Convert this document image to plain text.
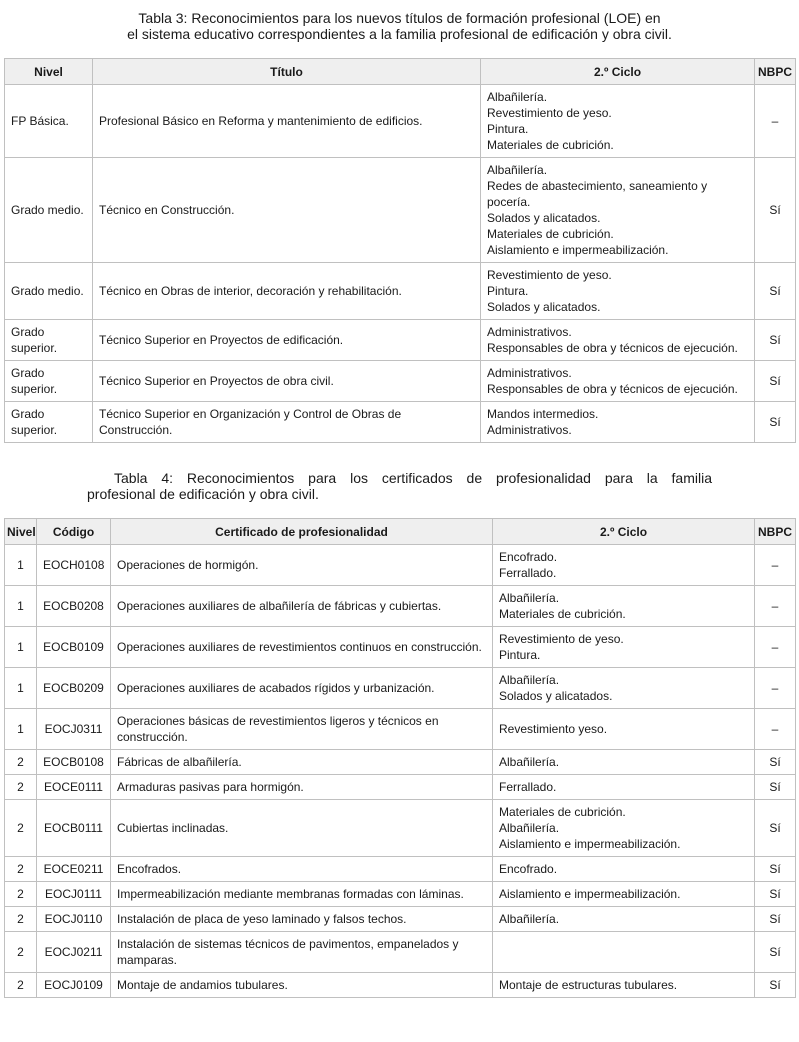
Tabla 3: Reconocimientos para los nuevos títulos de formación profesional (LOE) en
el sistema educativo correspondientes a la familia profesional de edificación y obra civil.
Nivel	Título	2.º Ciclo	NBPC
FP Básica.	Profesional Básico en Reforma y mantenimiento de edificios.	Albañilería.
Revestimiento de yeso.
Pintura.
Materiales de cubrición.	–
Grado medio.	Técnico en Construcción.	Albañilería.
Redes de abastecimiento, saneamiento y pocería.
Solados y alicatados.
Materiales de cubrición.
Aislamiento e impermeabilización.	Sí
Grado medio.	Técnico en Obras de interior, decoración y rehabilitación.	Revestimiento de yeso.
Pintura.
Solados y alicatados.	Sí
Grado superior.	Técnico Superior en Proyectos de edificación.	Administrativos.
Responsables de obra y técnicos de ejecución.	Sí
Grado superior.	Técnico Superior en Proyectos de obra civil.	Administrativos.
Responsables de obra y técnicos de ejecución.	Sí
Grado superior.	Técnico Superior en Organización y Control de Obras de Construcción.	Mandos intermedios.
Administrativos.	Sí
Tabla 4: Reconocimientos para los certificados de profesionalidad para la familia
profesional de edificación y obra civil.
Nivel	Código	Certificado de profesionalidad	2.º Ciclo	NBPC
1	EOCH0108	Operaciones de hormigón.	Encofrado.
Ferrallado.	–
1	EOCB0208	Operaciones auxiliares de albañilería de fábricas y cubiertas.	Albañilería.
Materiales de cubrición.	–
1	EOCB0109	Operaciones auxiliares de revestimientos continuos en construcción.	Revestimiento de yeso.
Pintura.	–
1	EOCB0209	Operaciones auxiliares de acabados rígidos y urbanización.	Albañilería.
Solados y alicatados.	–
1	EOCJ0311	Operaciones básicas de revestimientos ligeros y técnicos en construcción.	Revestimiento yeso.	–
2	EOCB0108	Fábricas de albañilería.	Albañilería.	Sí
2	EOCE0111	Armaduras pasivas para hormigón.	Ferrallado.	Sí
2	EOCB0111	Cubiertas inclinadas.	Materiales de cubrición.
Albañilería.
Aislamiento e impermeabilización.	Sí
2	EOCE0211	Encofrados.	Encofrado.	Sí
2	EOCJ0111	Impermeabilización mediante membranas formadas con láminas.	Aislamiento e impermeabilización.	Sí
2	EOCJ0110	Instalación de placa de yeso laminado y falsos techos.	Albañilería.	Sí
2	EOCJ0211	Instalación de sistemas técnicos de pavimentos, empanelados y mamparas.		Sí
2	EOCJ0109	Montaje de andamios tubulares.	Montaje de estructuras tubulares.	Sí
